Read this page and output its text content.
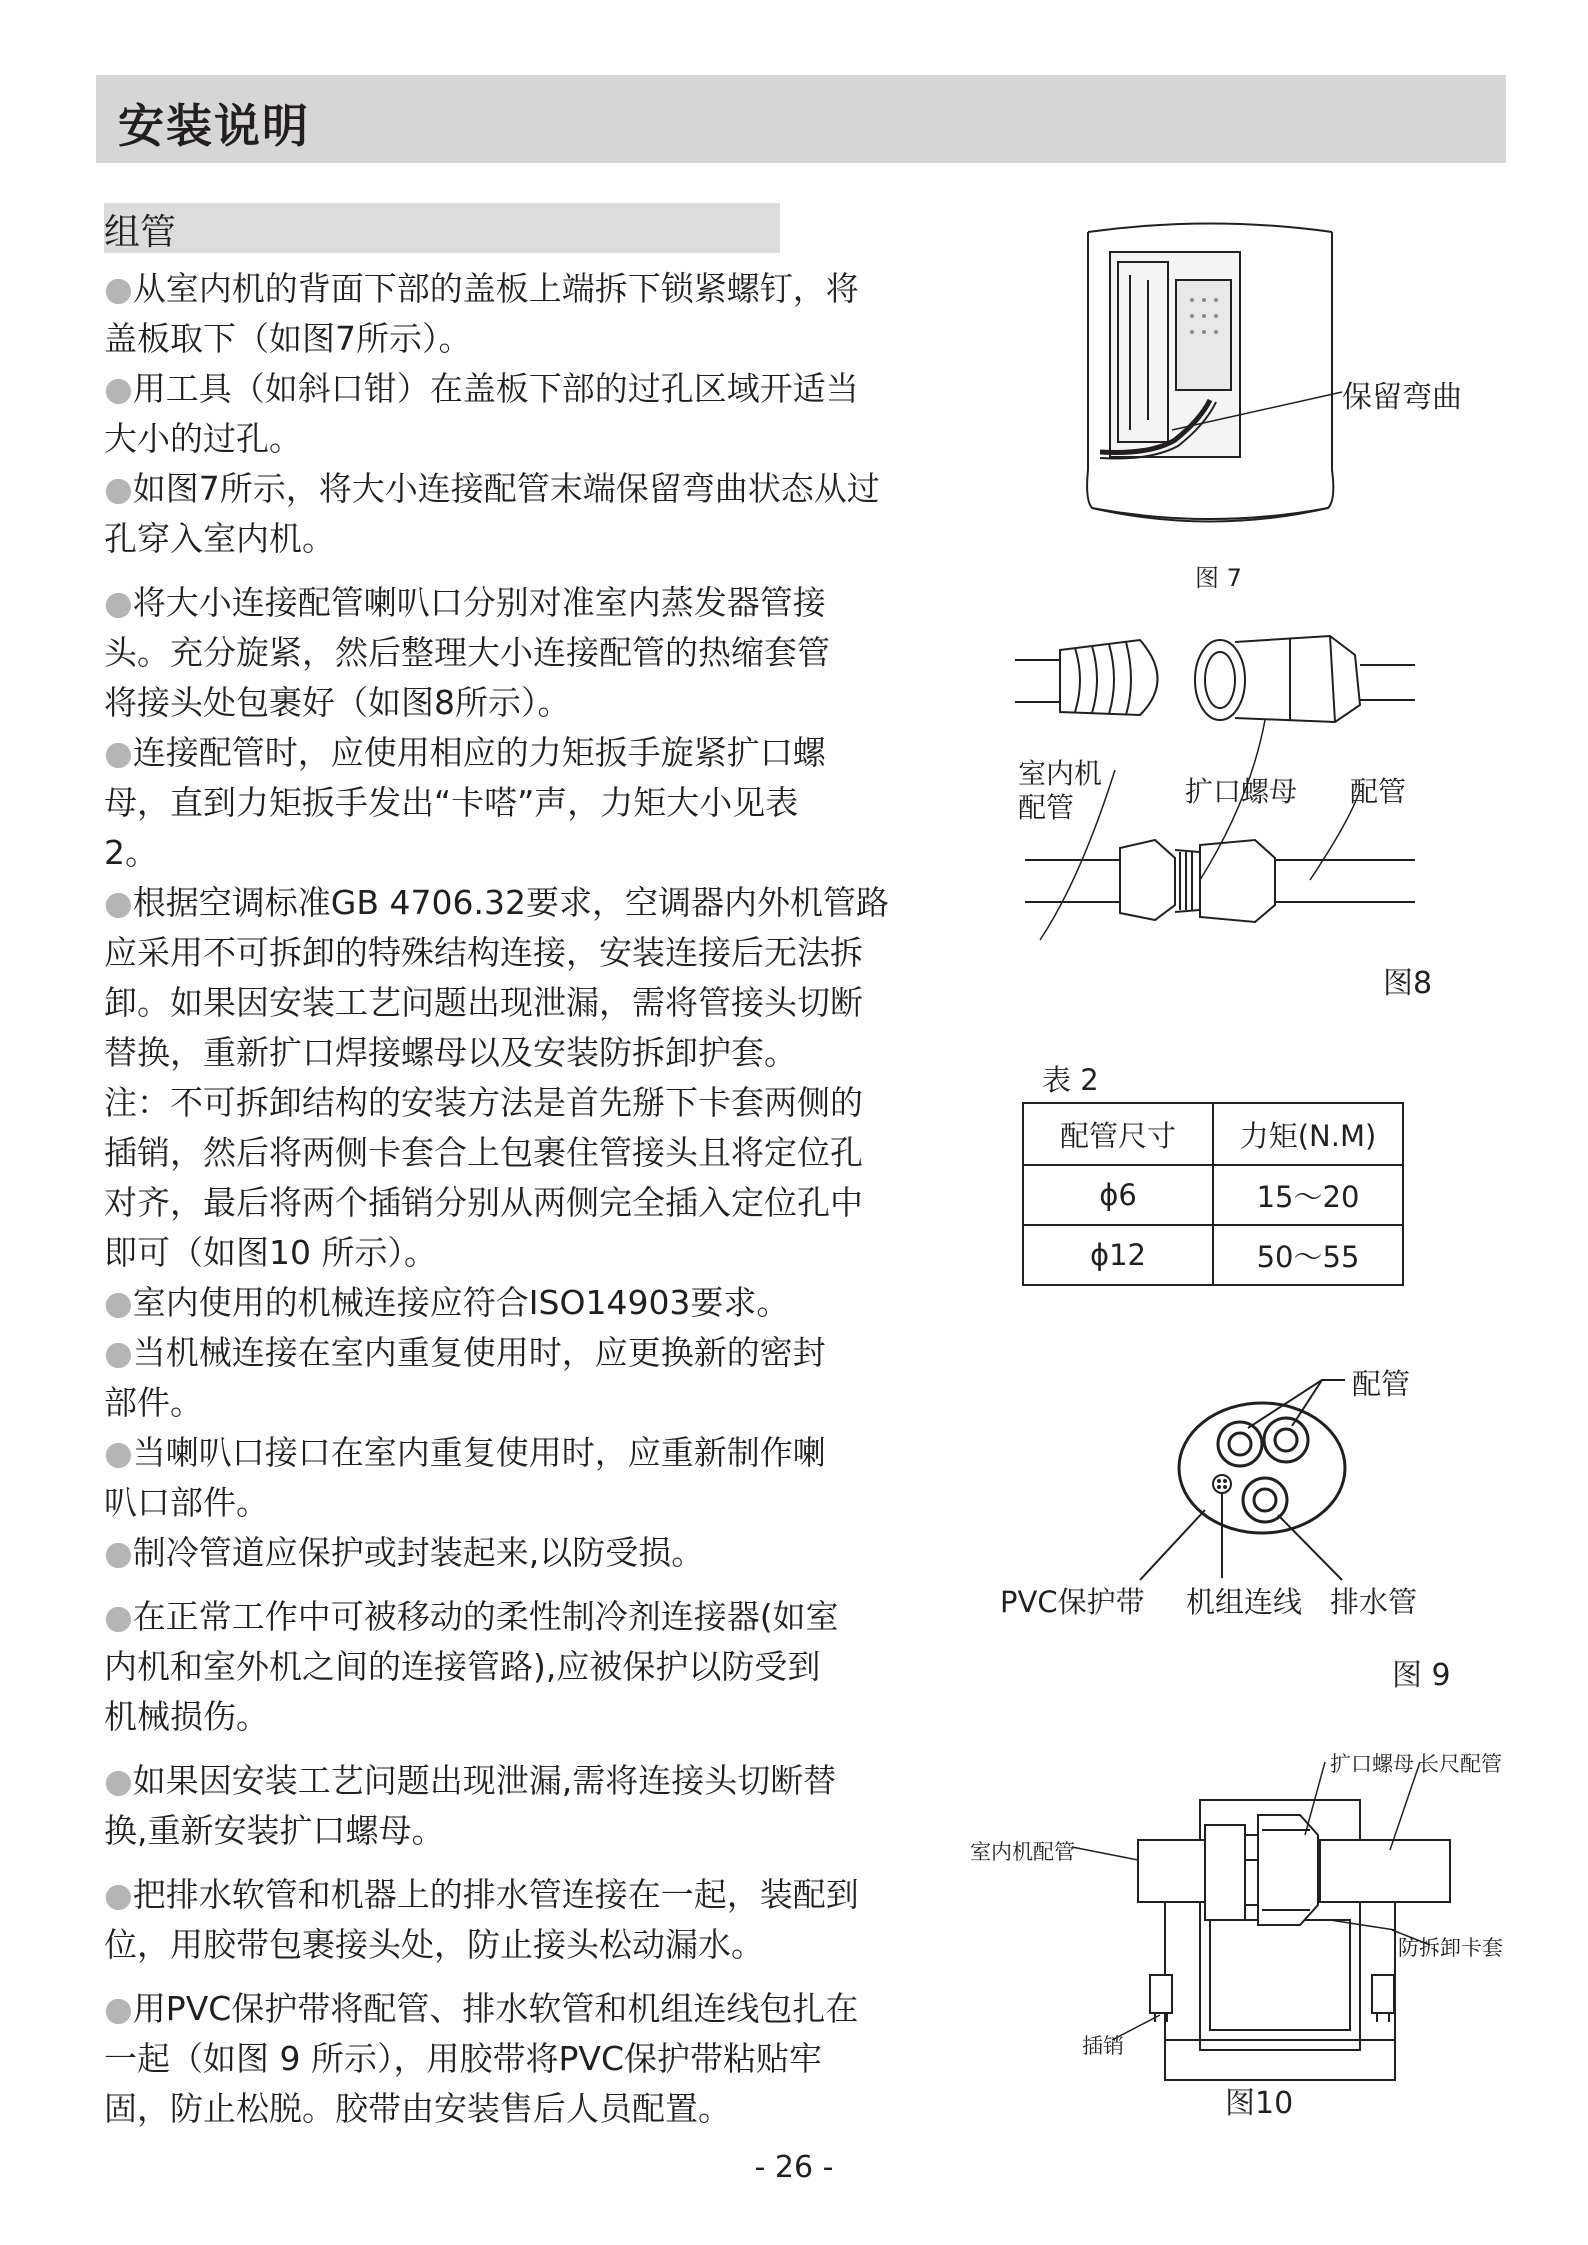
安装说明
组管

●从室内机的背面下部的盖板上端拆下锁紧螺钉，将
盖板取下（如图7所示）。

●用工具（如斜口钳）在盖板下部的过孔区域开适当
大小的过孔。

●如图7所示，将大小连接配管末端保留弯曲状态从过
孔穿入室内机。

●将大小连接配管喇叭口分别对准室内蒸发器管接
头。充分旋紧，然后整理大小连接配管的热缩套管
将接头处包裹好（如图8所示）。

●连接配管时，应使用相应的力矩扳手旋紧扩口螺
母，直到力矩扳手发出“卡嗒”声，力矩大小见表
2。

●根据空调标准GB 4706.32要求，空调器内外机管路
应采用不可拆卸的特殊结构连接，安装连接后无法拆
卸。如果因安装工艺问题出现泄漏，需将管接头切断
替换，重新扩口焊接螺母以及安装防拆卸护套。

注：不可拆卸结构的安装方法是首先掰下卡套两侧的
插销，然后将两侧卡套合上包裹住管接头且将定位孔
对齐，最后将两个插销分别从两侧完全插入定位孔中
即可（如图10 所示）。

●室内使用的机械连接应符合ISO14903要求。

●当机械连接在室内重复使用时，应更换新的密封
部件。

●当喇叭口接口在室内重复使用时，应重新制作喇
叭口部件。

●制冷管道应保护或封装起来,以防受损。

●在正常工作中可被移动的柔性制冷剂连接器(如室
内机和室外机之间的连接管路),应被保护以防受到
机械损伤。

●如果因安装工艺问题出现泄漏,需将连接头切断替
换,重新安装扩口螺母。

●把排水软管和机器上的排水管连接在一起，装配到
位，用胶带包裹接头处，防止接头松动漏水。

●用PVC保护带将配管、排水软管和机组连线包扎在
一起（如图 9 所示），用胶带将PVC保护带粘贴牢
固，防止松脱。胶带由安装售后人员配置。

保留弯曲
图 7
室内机
配管	扩口螺母 配管
图8
表 2
配管尺寸	力矩(N.M)
ϕ6	15～20
ϕ12	50～55
配管
PVC保护带 机组连线 排水管
图 9
扩口螺母 长尺配管
室内机配管
防拆卸卡套
插销
图10
- 26 -
